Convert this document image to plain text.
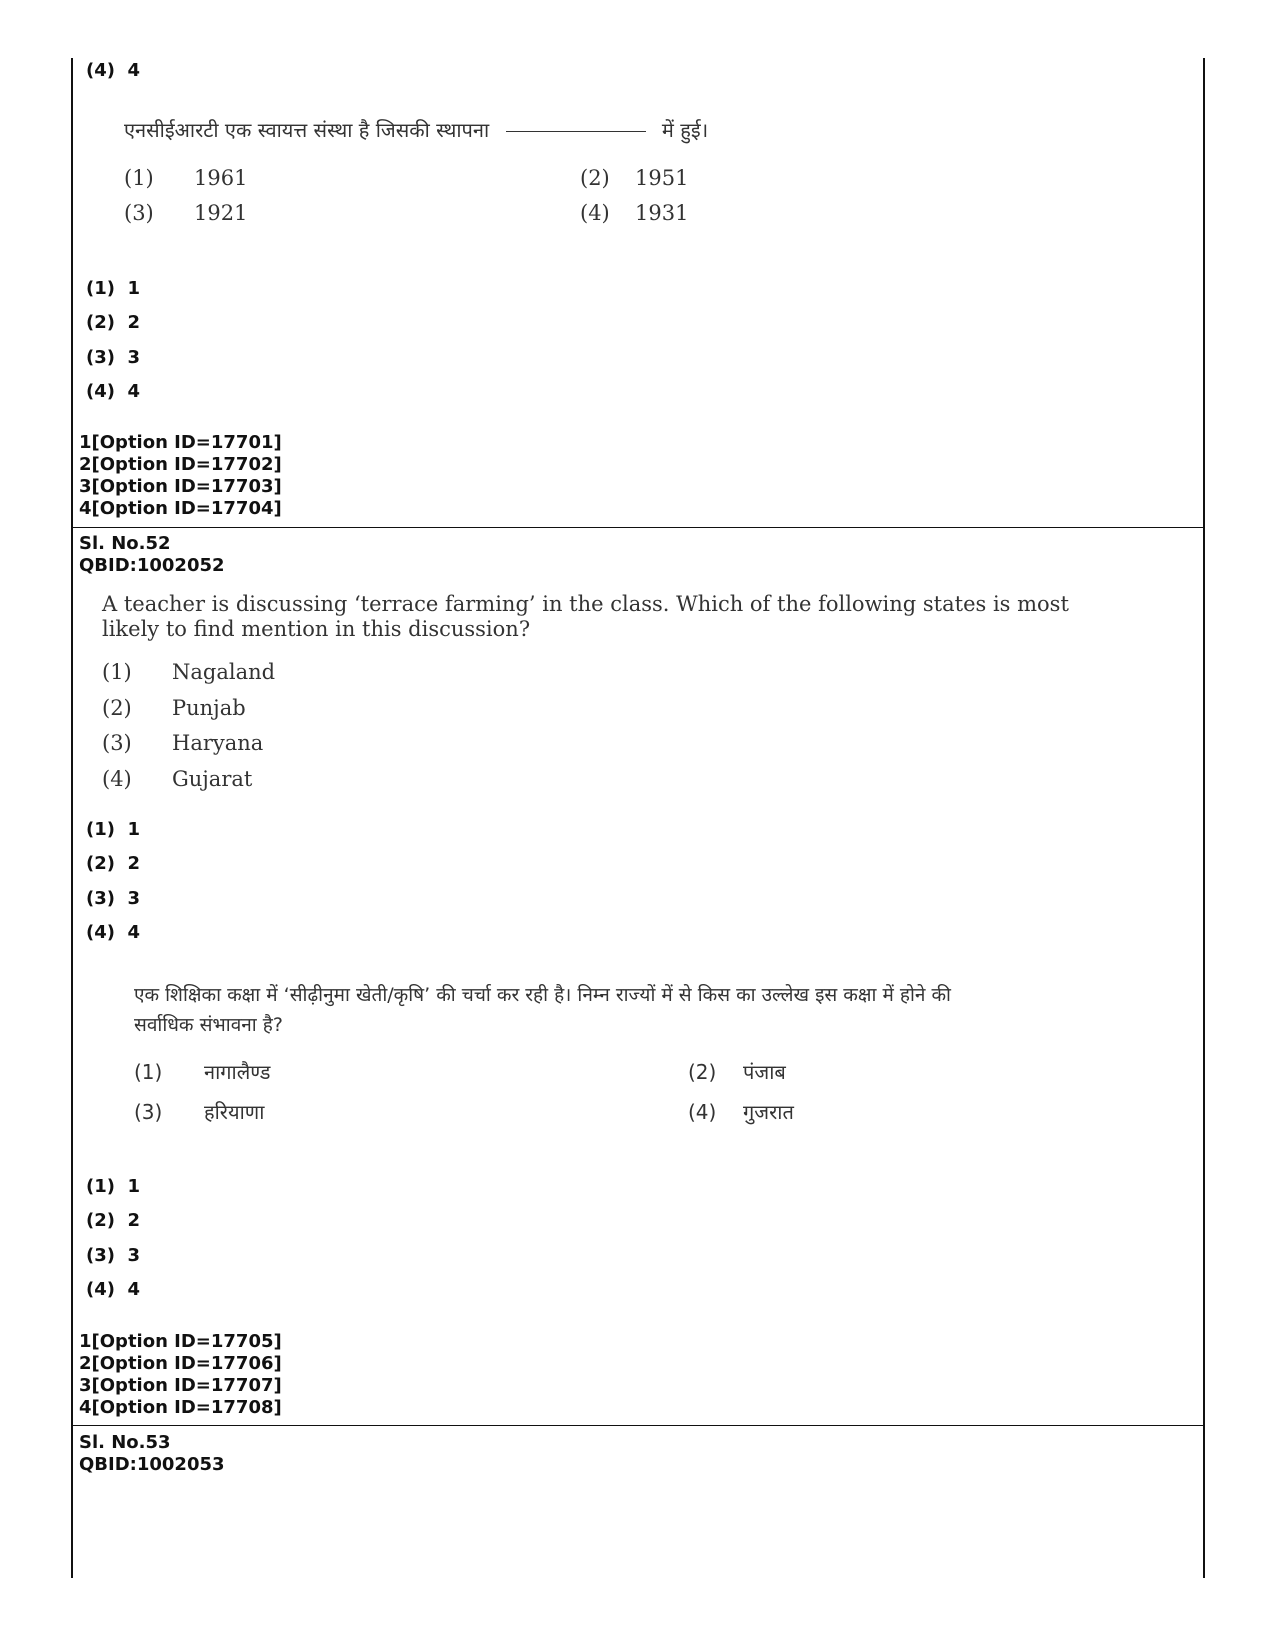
(4)  4
एनसीईआरटी एक स्वायत्त संस्था है जिसकी स्थापना	में हुई।
(1) 1961	(2) 1951
(3) 1921	(4) 1931
(1)  1
(2)  2
(3)  3
(4)  4
1[Option ID=17701]
2[Option ID=17702]
3[Option ID=17703]
4[Option ID=17704]
Sl. No.52
QBID:1002052
A teacher is discussing ‘terrace farming’ in the class. Which of the following states is most
likely to find mention in this discussion?
(1) Nagaland
(2) Punjab
(3) Haryana
(4) Gujarat
(1)  1
(2)  2
(3)  3
(4)  4
एक शिक्षिका कक्षा में ‘सीढ़ीनुमा खेती/कृषि’ की चर्चा कर रही है। निम्न राज्यों में से किस का उल्लेख इस कक्षा में होने की
सर्वाधिक संभावना है?
(1) नागालैण्ड	(2) पंजाब
(3) हरियाणा	(4) गुजरात
(1)  1
(2)  2
(3)  3
(4)  4
1[Option ID=17705]
2[Option ID=17706]
3[Option ID=17707]
4[Option ID=17708]
Sl. No.53
QBID:1002053
